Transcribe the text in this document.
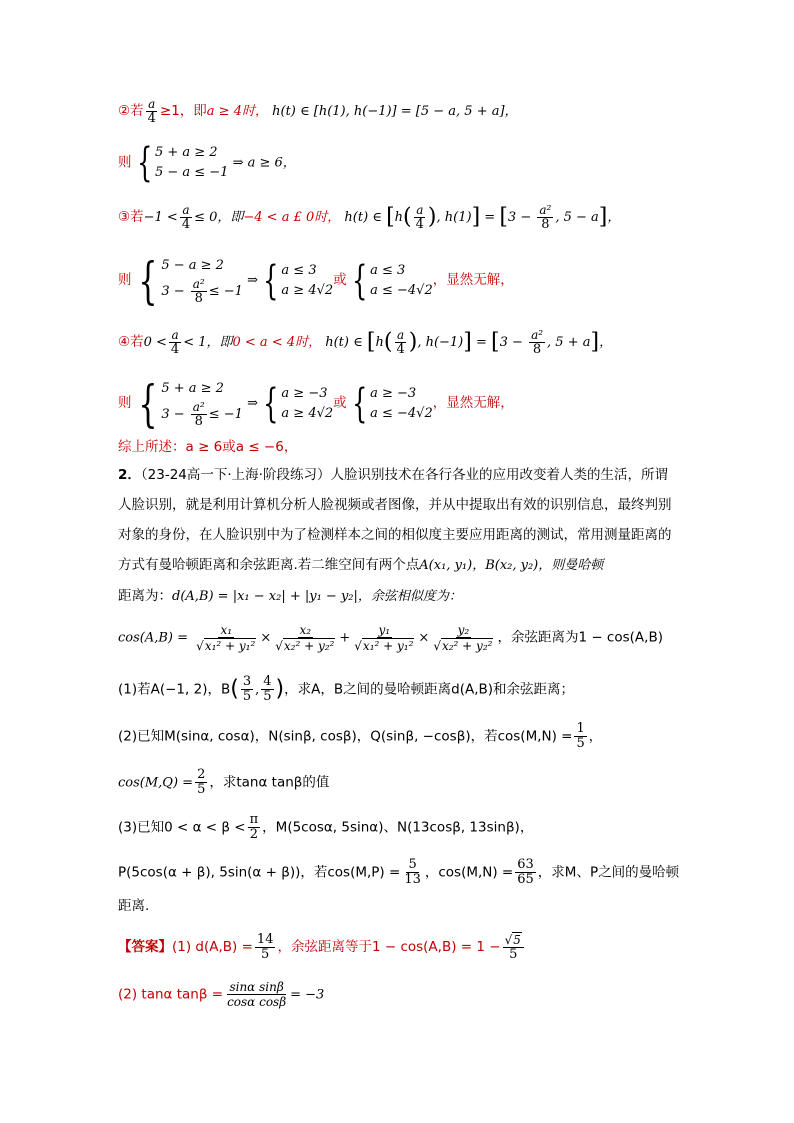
②若 $\frac{a}{4} \ge 1$，即a ≥ 4时， h(t) ∈ [h(1), h(−1)] = [5 − a, 5 + a]，
则 { 5 + a ≥ 2
5 − a ≤ −1
⇒ a ≥ 6，
③若$-1 < \frac{a}{4} \le 0$，即−4 < a £ 0时， h(t) ∈ [$h( \frac{a}{4}$ ), $h(1)] = [3 - \frac{\text{a²}}{8}$ , 5 − a]，
则 { 5 − a ≥ 2
$3 - \frac{\text{a²}}{8} \le -1$
⇒ { a ≤ 3
a ≥ 4√2
或 { a ≤ 3
a ≤ −4√2
，显然无解，
④若$0 < \frac{a}{4} < 1$，即0 < a < 4时， h(t) ∈ [$h( \frac{a}{4}$ ), $h(-1)] = [3 - \frac{\text{a²}}{8}$ , 5 + a]，
则 { 5 + a ≥ 2
$3 - \frac{\text{a²}}{8} \le -1$
⇒ { a ≥ −3
a ≥ 4√2
或 { a ≥ −3
a ≤ −4√2
，显然无解，
综上所述：a ≥ 6或a ≤ −6，
2．（23-24高一下·上海·阶段练习）人脸识别技术在各行各业的应用改变着人类的生活，所谓人脸识别，就是利用计算机分析人脸视频或者图像，并从中提取出有效的识别信息，最终判别对象的身份，在人脸识别中为了检测样本之间的相似度主要应用距离的测试，常用测量距离的方式有曼哈顿距离和余弦距离.若二维空间有两个点A(x₁, y₁)，B(x₂, y₂)，则曼哈顿
距离为：d(A,B) = |x₁ − x₂| + |y₁ − y₂|，余弦相似度为：
$\cos(A,B) = \frac{\text{x₁}}{\text{√x₁² + y₁²}} \times \frac{\text{x₂}}{\text{√x₂² + y₂²}} + \frac{\text{y₁}}{\text{√x₁² + y₁²}} \times \frac{\text{y₂}}{\text{√x₂² + y₂²}}$ ，余弦距离为1 − cos(A,B)
(1)若A(−1, 2)，$B( \frac{3}{5}$ , $\frac{4}{5}$ )，求A，B之间的曼哈顿距离d(A,B)和余弦距离；
(2)已知M(sinα, cosα)，N(sinβ, cosβ)，Q(sinβ, −cosβ)，若$\cos(M,N) = \frac{1}{5}$ ，
$\cos(M,Q) = \frac{2}{5}$ ，求tanα tanβ的值
(3)已知$0 < \alpha < \beta < \frac{\pi}{2}$ ，M(5cosα, 5sinα)、N(13cosβ, 13sinβ)，
P(5cos(α + β), 5sin(α + β))，若$\cos(M,P) = \frac{5}{13}$ ，$\cos(M,N) = \frac{63}{65}$ ，求M、P之间的曼哈顿
距离.
【答案】(1) $d(A,B) = \frac{14}{5}$ ，余弦距离等于$1 - \cos(A,B) = 1 - \frac{√5}{5}$
(2) tanα $\tan\beta = \frac{\text{sinα sinβ}}{\text{cosα cosβ}} = -3$
